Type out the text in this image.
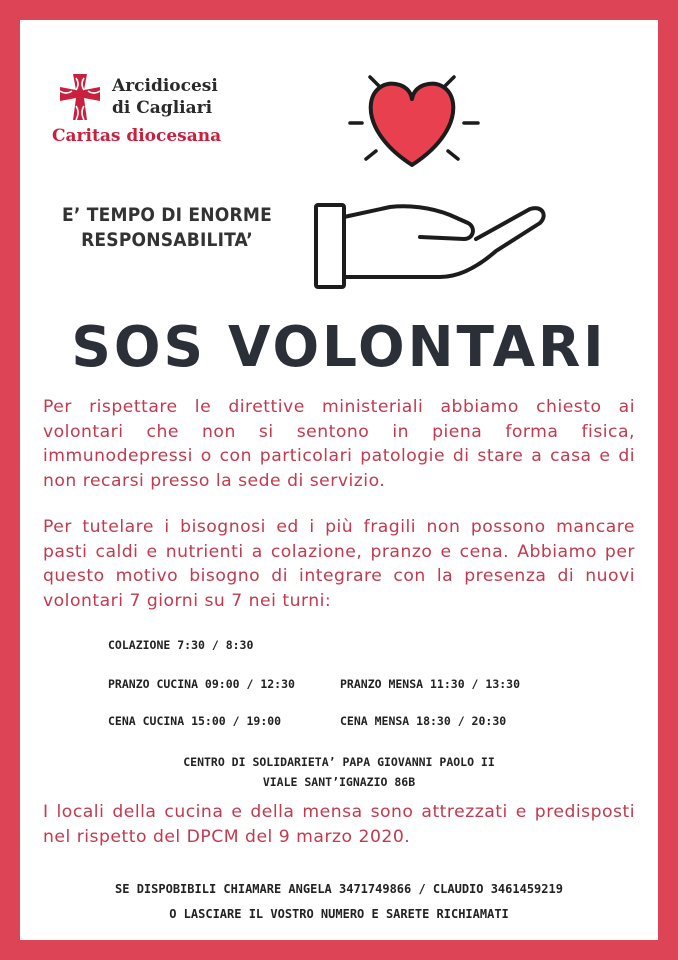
Arcidiocesi
di Cagliari
Caritas diocesana
E’ TEMPO DI ENORME
RESPONSABILITA’
SOS VOLONTARI
Per rispettare le direttive ministeriali abbiamo chiesto ai volontari che non si sentono in piena forma fisica, immunodepressi o con particolari patologie di stare a casa e di non recarsi presso la sede di servizio.
Per tutelare i bisognosi ed i più fragili non possono mancare pasti caldi e nutrienti a colazione, pranzo e cena. Abbiamo per questo motivo bisogno di integrare con la presenza di nuovi volontari 7 giorni su 7 nei turni:
COLAZIONE 7:30 / 8:30
PRANZO CUCINA 09:00 / 12:30	PRANZO MENSA 11:30 / 13:30
CENA CUCINA 15:00 / 19:00	CENA MENSA 18:30 / 20:30
CENTRO DI SOLIDARIETA’ PAPA GIOVANNI PAOLO II
VIALE SANT’IGNAZIO 86B
I locali della cucina e della mensa sono attrezzati e predisposti nel rispetto del DPCM del 9 marzo 2020.
SE DISPOBIBILI CHIAMARE ANGELA 3471749866 / CLAUDIO 3461459219
O LASCIARE IL VOSTRO NUMERO E SARETE RICHIAMATI
